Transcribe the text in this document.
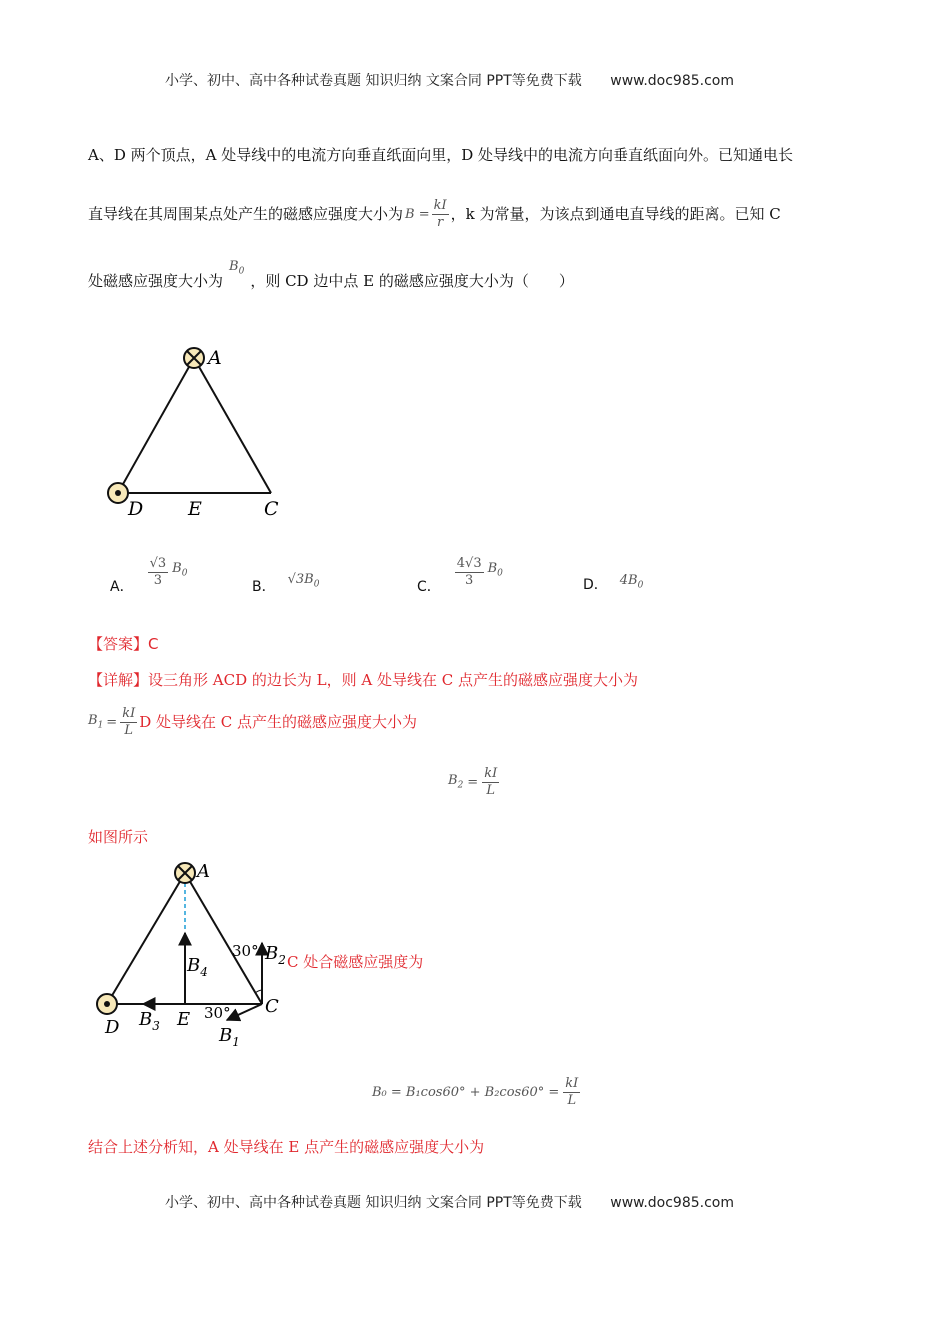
小学、初中、高中各种试卷真题 知识归纳 文案合同 PPT等免费下载 www.doc985.com
A、D 两个顶点，A 处导线中的电流方向垂直纸面向里，D 处导线中的电流方向垂直纸面向外。已知通电长
直导线在其周围某点处产生的磁感应强度大小为 $B = \frac{kI}{r}$ ，k 为常量，为该点到通电直导线的距离。已知 C
处磁感应强度大小为
$B_0$ ，则 CD 边中点 E 的磁感应强度大小为（　　）
A
D E	C
A． $\frac{√3}{3} B_0$
B． $√3B_0$	C． $\frac{4√3}{3} B_0$
D． $4B_0$
【答案】C
【详解】设三角形 ACD 的边长为 L，则 A 处导线在 C 点产生的磁感应强度大小为
$B_1 = \frac{kI}{L}$ D 处导线在 C 点产生的磁感应强度大小为
$B_2 = \frac{kI}{L}$
如图所示
A
D	E
C
$B_4$
$B_3$
$B_2$
$B_1$
30°
30°
C 处合磁感应强度为
$B_0 = B_1\cos 60^\circ + B_2\cos 60^\circ = \frac{kI}{L}$
结合上述分析知，A 处导线在 E 点产生的磁感应强度大小为
小学、初中、高中各种试卷真题 知识归纳 文案合同 PPT等免费下载 www.doc985.com
